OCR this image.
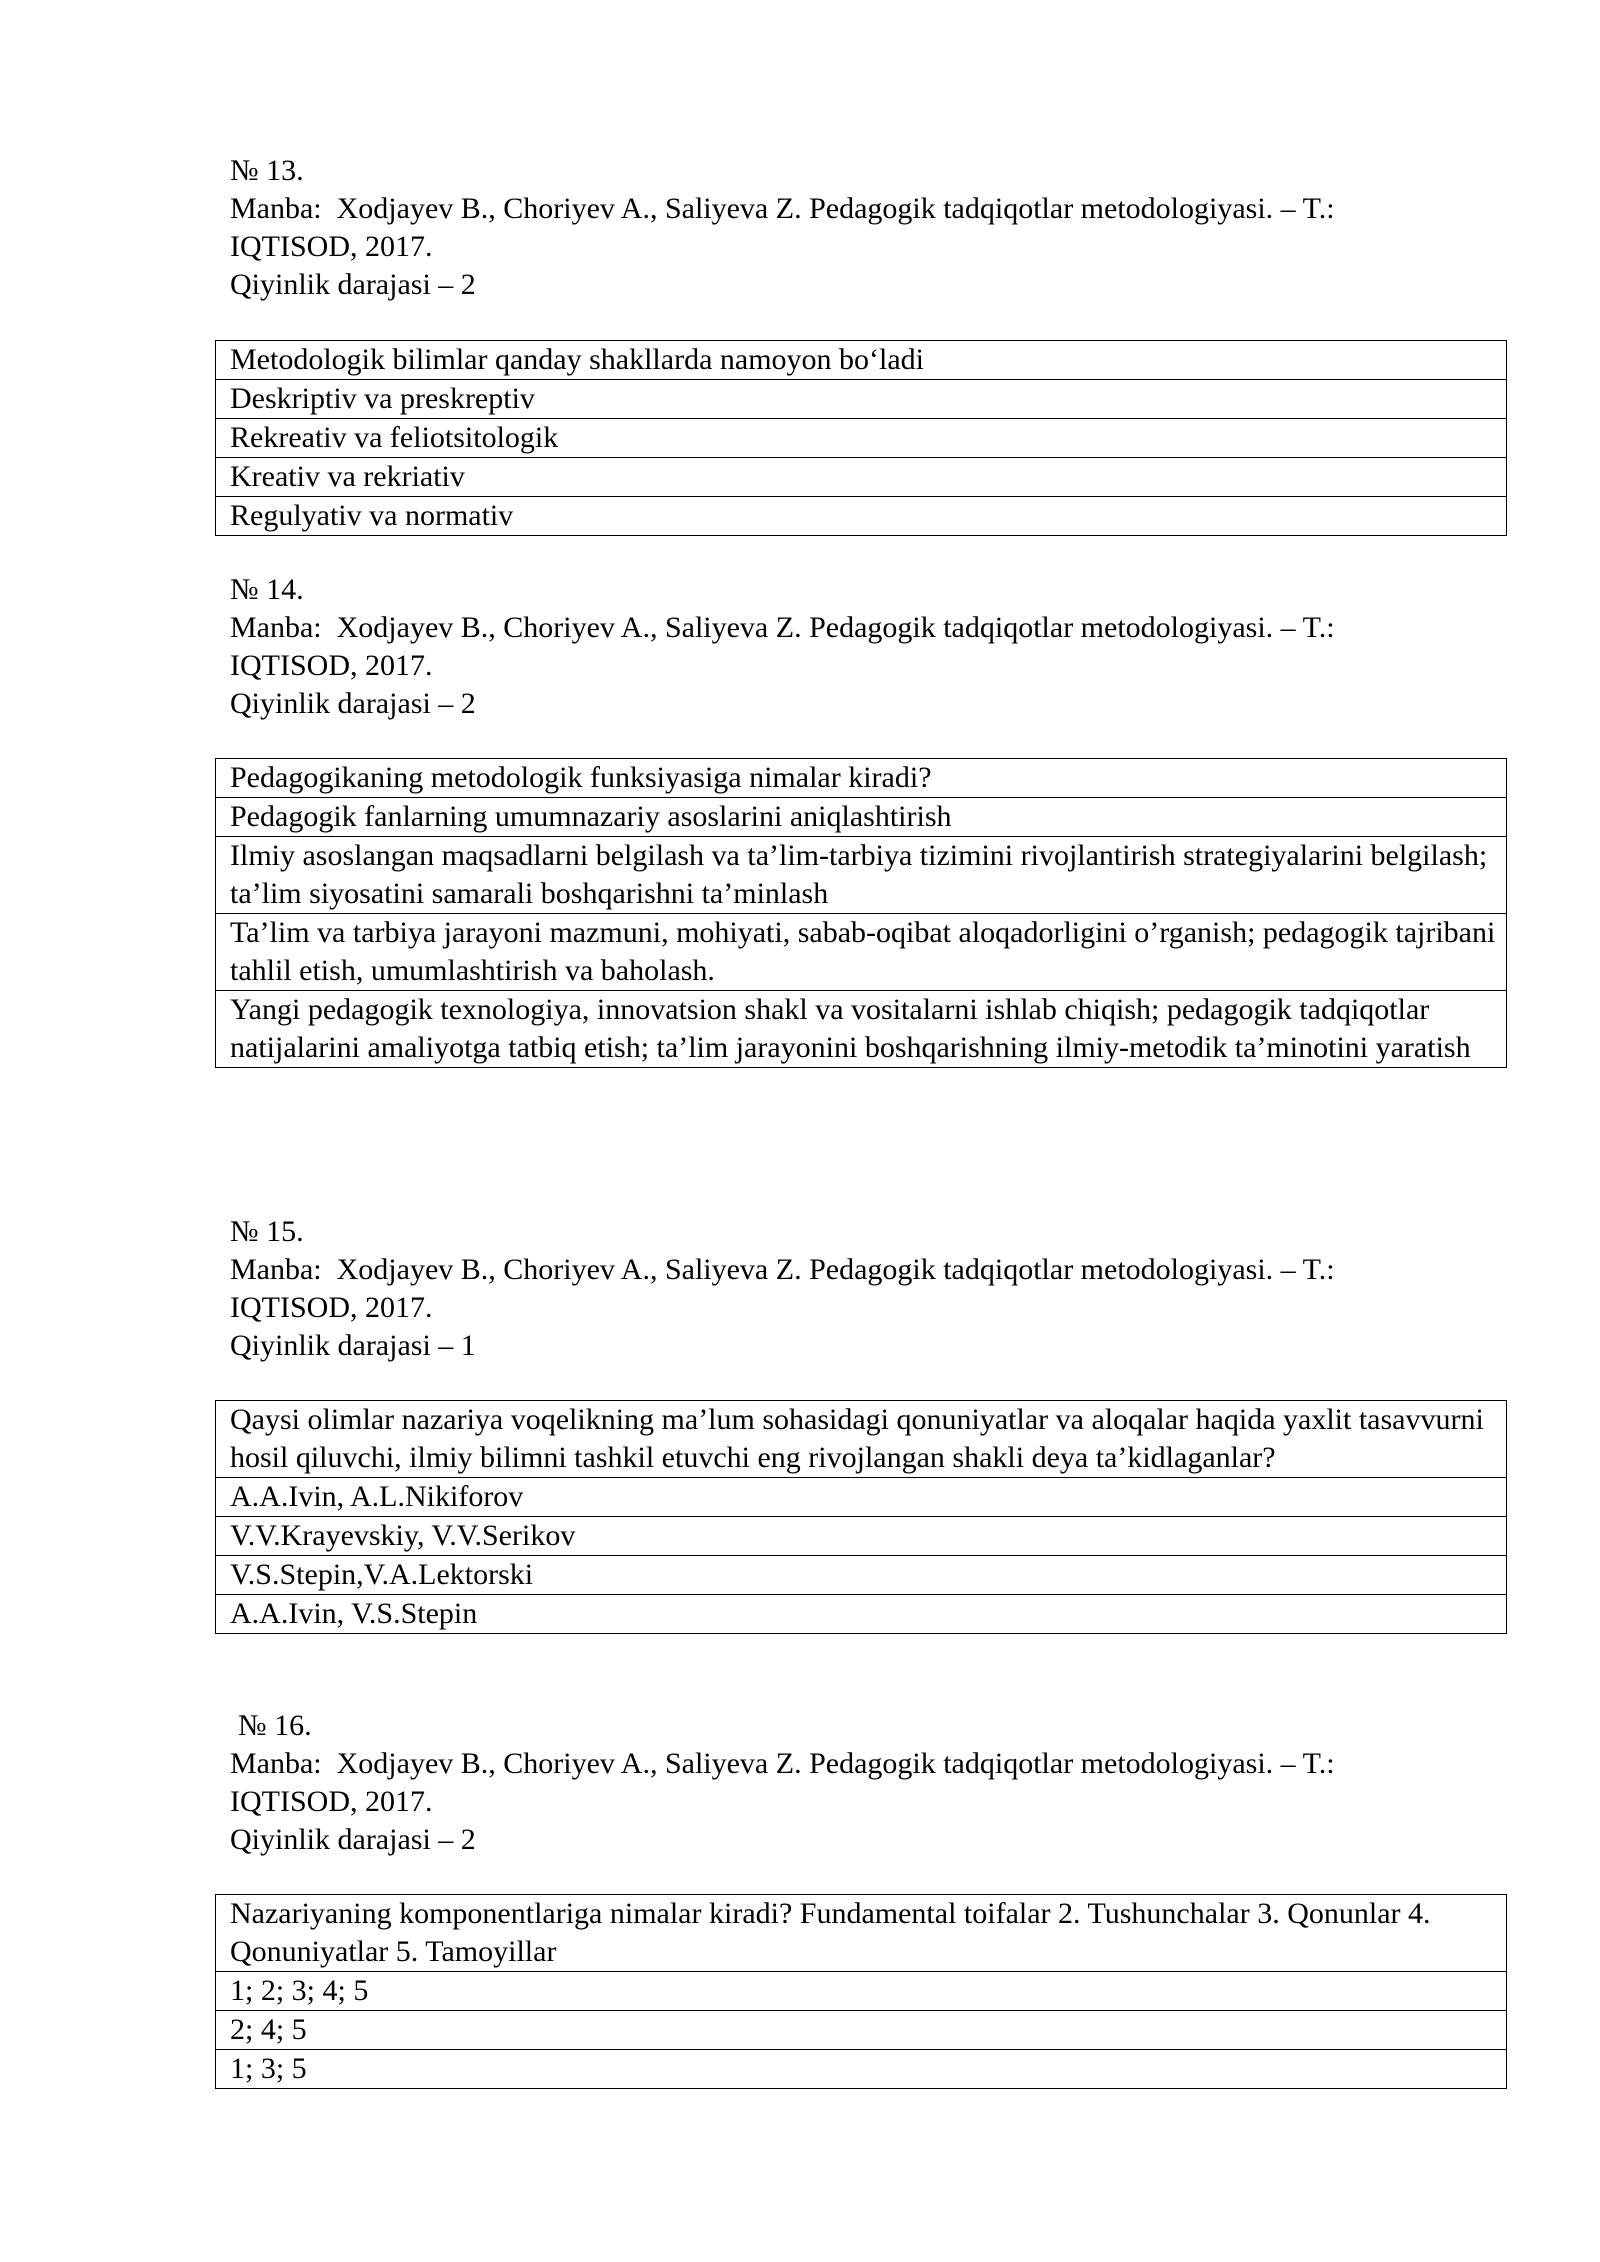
№ 13.
Manba:  Xodjayev B., Choriyev A., Saliyeva Z. Pedagogik tadqiqotlar metodologiyasi. – T.:
IQTISOD, 2017.
Qiyinlik darajasi – 2
Metodologik bilimlar qanday shakllarda namoyon bo‘ladi
Deskriptiv va preskreptiv
Rekreativ va feliotsitologik
Kreativ va rekriativ
Regulyativ va normativ
№ 14.
Manba:  Xodjayev B., Choriyev A., Saliyeva Z. Pedagogik tadqiqotlar metodologiyasi. – T.:
IQTISOD, 2017.
Qiyinlik darajasi – 2
Pedagogikaning metodologik funksiyasiga nimalar kiradi?
Pedagogik fanlarning umumnazariy asoslarini aniqlashtirish
Ilmiy asoslangan maqsadlarni belgilash va ta’lim-tarbiya tizimini rivojlantirish strategiyalarini belgilash; ta’lim siyosatini samarali boshqarishni ta’minlash
Ta’lim va tarbiya jarayoni mazmuni, mohiyati, sabab-oqibat aloqadorligini o’rganish; pedagogik tajribani tahlil etish, umumlashtirish va baholash.
Yangi pedagogik texnologiya, innovatsion shakl va vositalarni ishlab chiqish; pedagogik tadqiqotlar natijalarini amaliyotga tatbiq etish; ta’lim jarayonini boshqarishning ilmiy-metodik ta’minotini yaratish
№ 15.
Manba:  Xodjayev B., Choriyev A., Saliyeva Z. Pedagogik tadqiqotlar metodologiyasi. – T.:
IQTISOD, 2017.
Qiyinlik darajasi – 1
Qaysi olimlar nazariya voqelikning ma’lum sohasidagi qonuniyatlar va aloqalar haqida yaxlit tasavvurni hosil qiluvchi, ilmiy bilimni tashkil etuvchi eng rivojlangan shakli deya ta’kidlaganlar?
A.A.Ivin, A.L.Nikiforov
V.V.Krayevskiy, V.V.Serikov
V.S.Stepin,V.A.Lektorski
A.A.Ivin, V.S.Stepin
№ 16.
Manba:  Xodjayev B., Choriyev A., Saliyeva Z. Pedagogik tadqiqotlar metodologiyasi. – T.:
IQTISOD, 2017.
Qiyinlik darajasi – 2
Nazariyaning komponentlariga nimalar kiradi? Fundamental toifalar 2. Tushunchalar 3. Qonunlar 4. Qonuniyatlar 5. Tamoyillar
1; 2; 3; 4; 5
2; 4; 5
1; 3; 5
